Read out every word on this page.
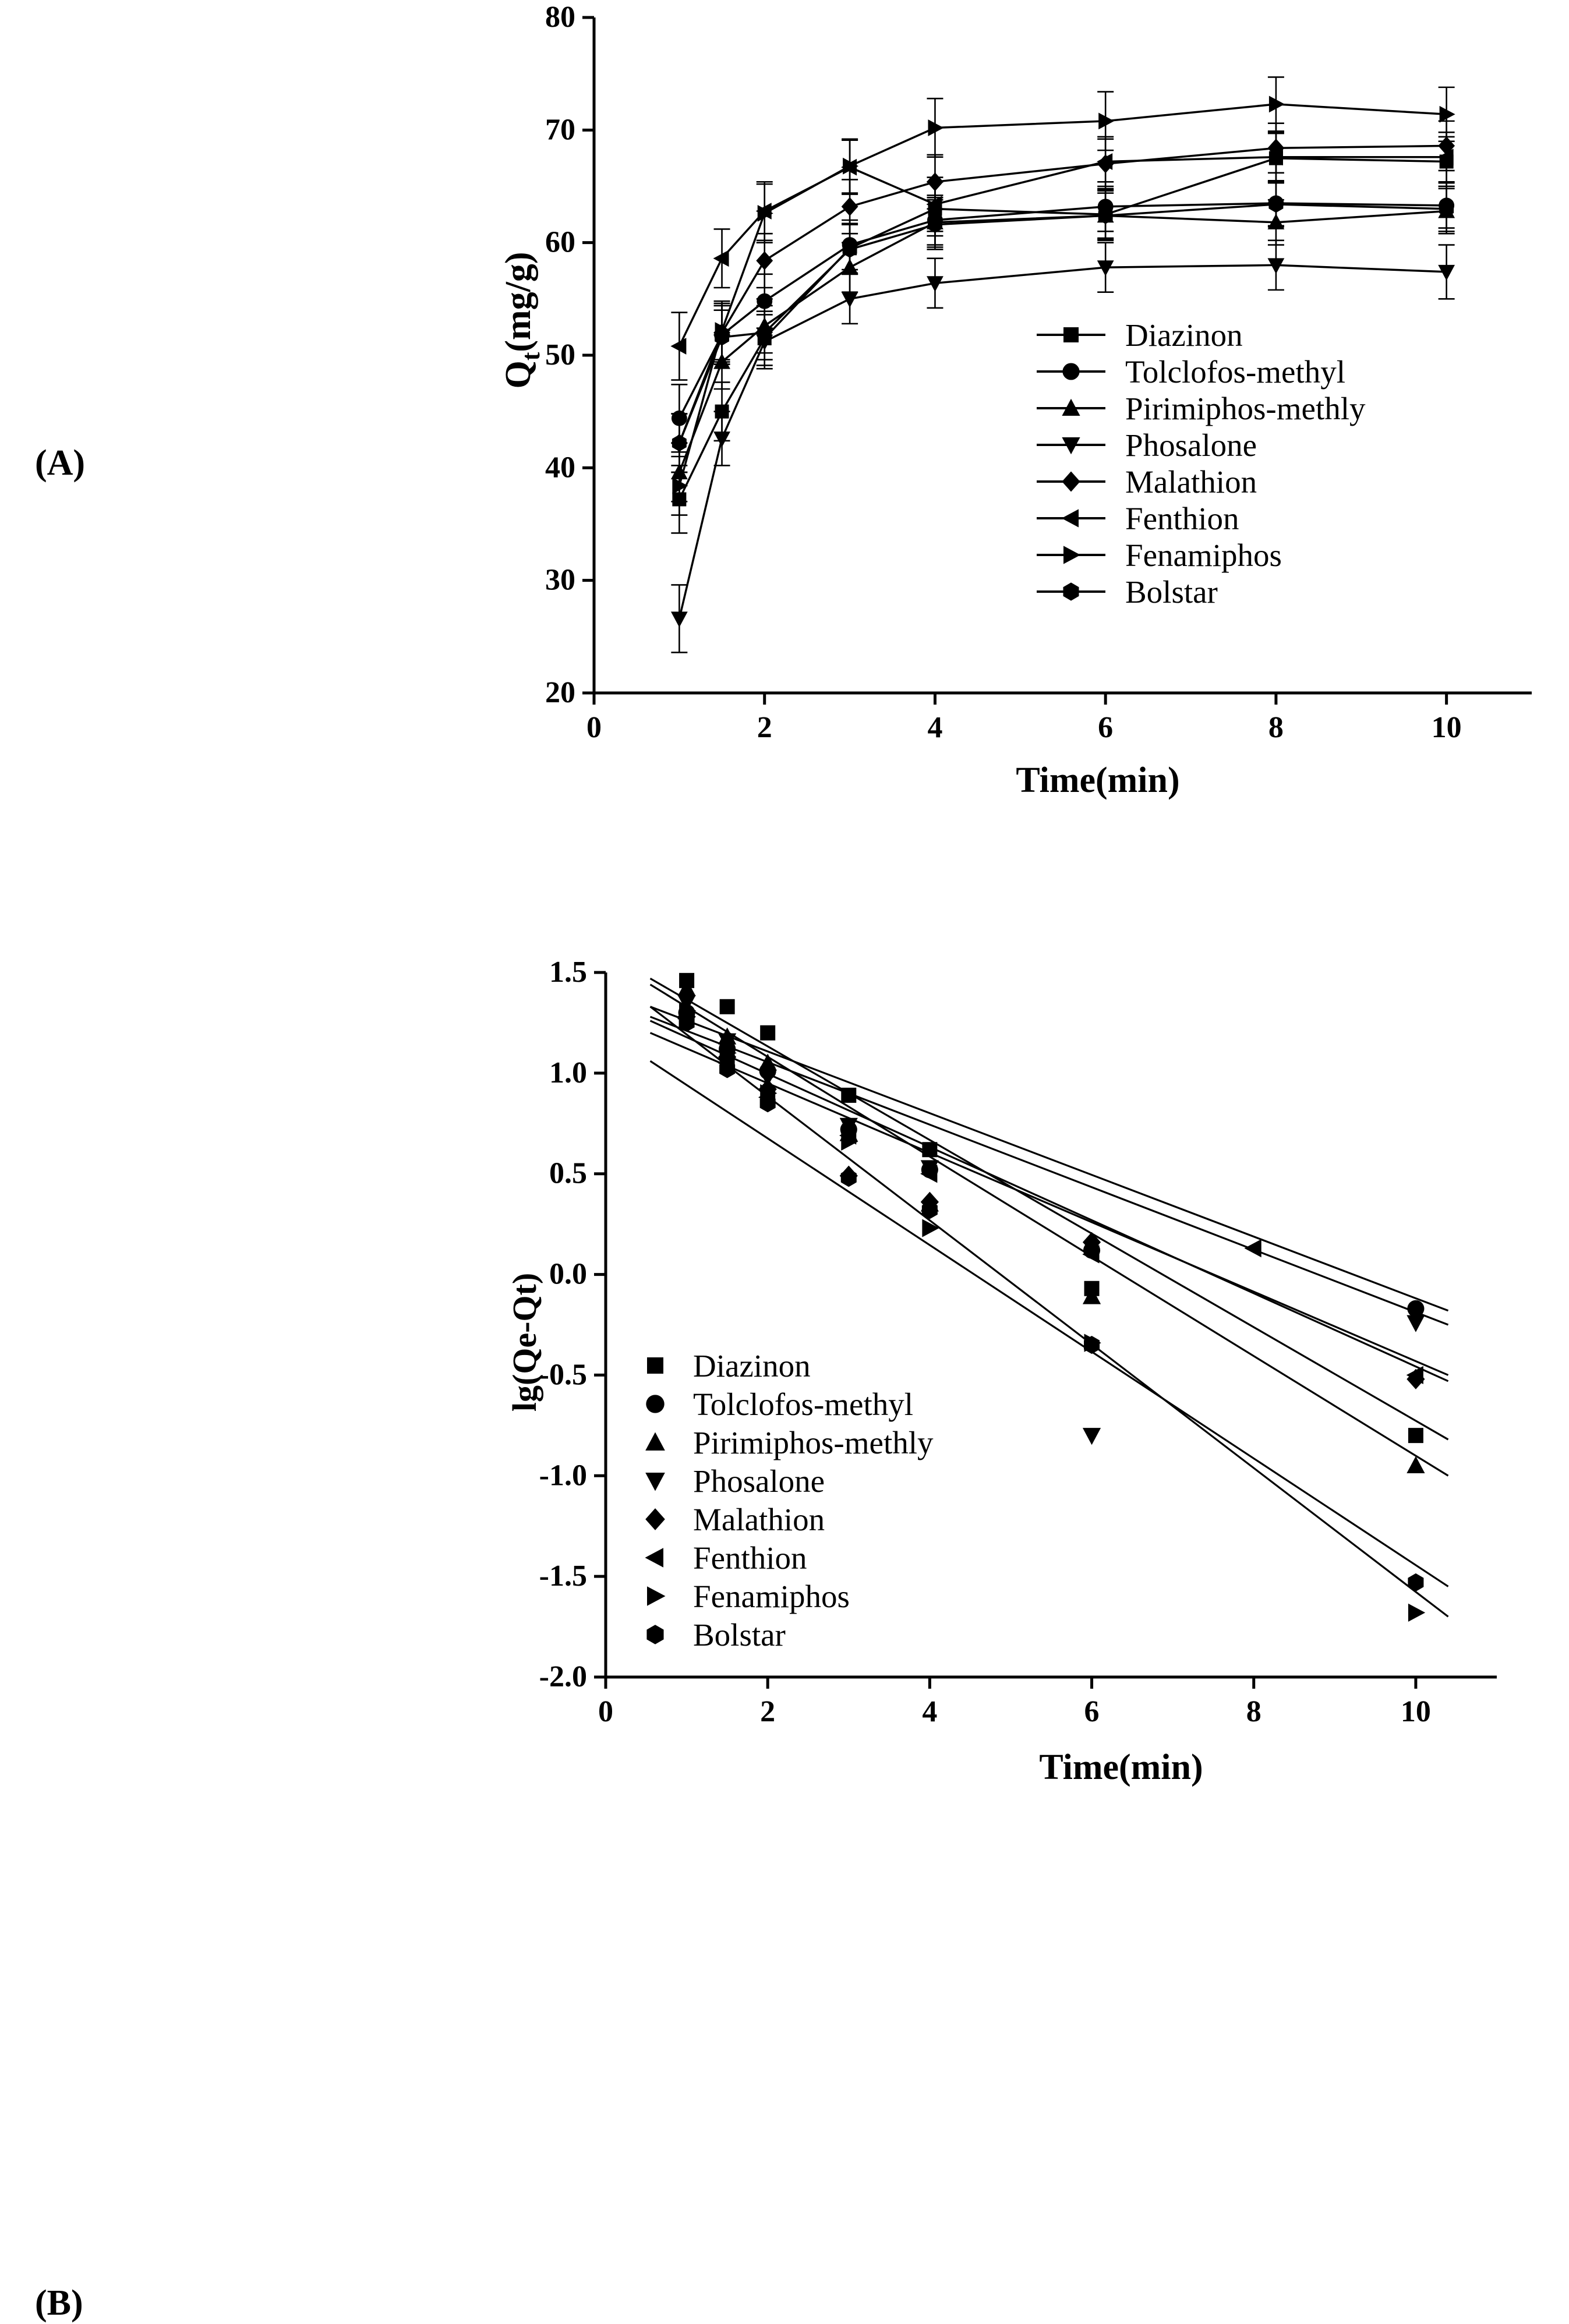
(A)
20
30
40
50
60
70
80
0	2	4	6	8	10
Time(min)
$Q_t(mg/g)$	Diazinon
Tolclofos-methyl
Pirimiphos-methly
Phosalone
Malathion
Fenthion
Fenamiphos
Bolstar
(B)
-2.0
-1.5
-1.0
-0.5
0.0
0.5
1.0
1.5
0	2	4	6	8	10
Time(min)
lg(Qe-Qt)	Diazinon
Tolclofos-methyl
Pirimiphos-methly
Phosalone
Malathion
Fenthion
Fenamiphos
Bolstar
